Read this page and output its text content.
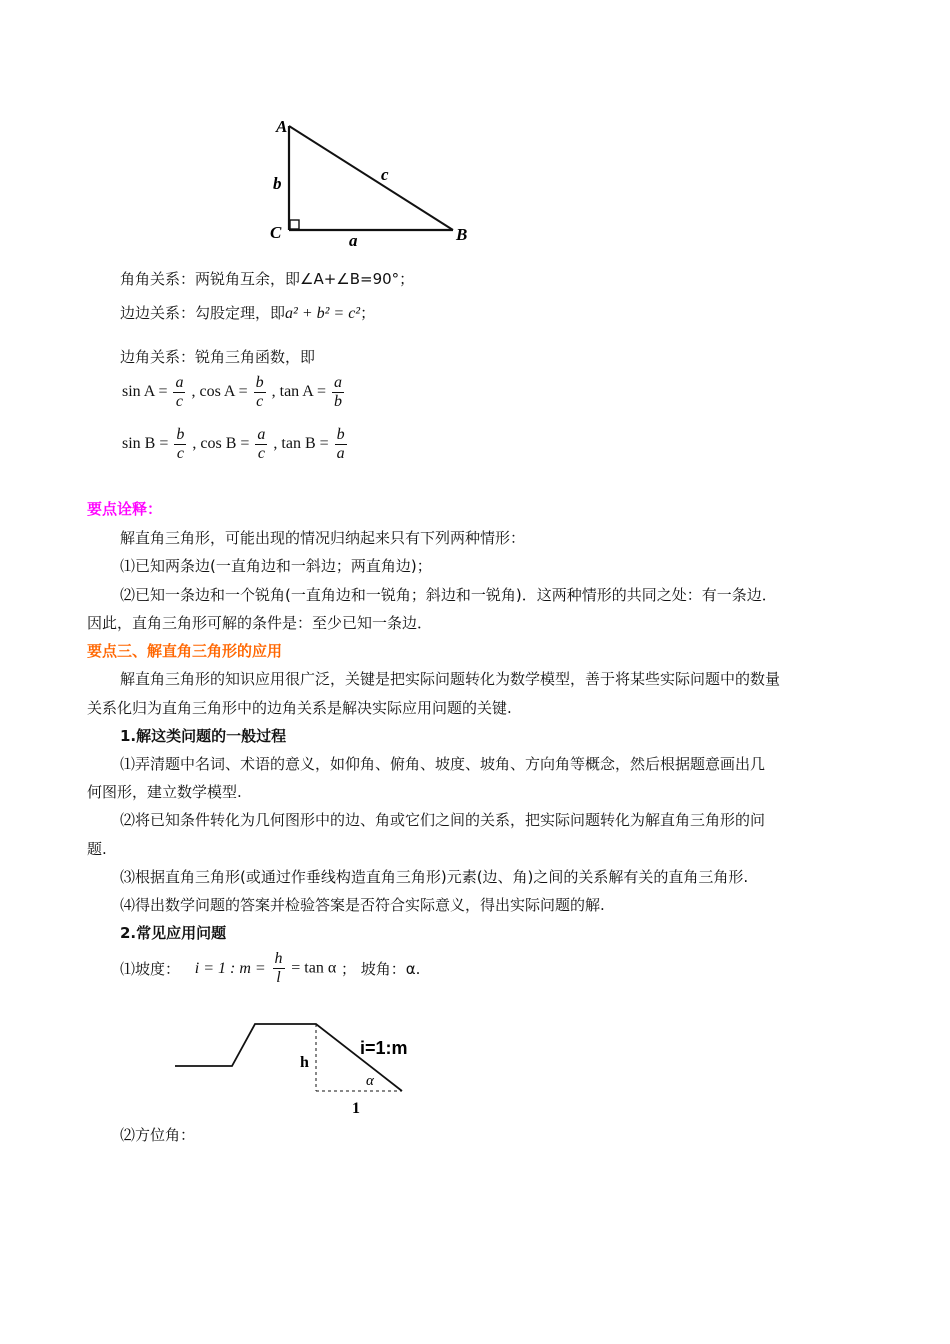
A
C	B
b	c
a
角角关系：两锐角互余，即∠A+∠B=90°；
边边关系：勾股定理，即a² + b² = c²；
边角关系：锐角三角函数，即
$\sin A = \frac{a}{c}$ , $\cos A = \frac{b}{c}$ , $\tan A = \frac{a}{b}$
$\sin B = \frac{b}{c}$ , $\cos B = \frac{a}{c}$ , $\tan B = \frac{b}{a}$
要点诠释：
解直角三角形，可能出现的情况归纳起来只有下列两种情形：
⑴已知两条边(一直角边和一斜边；两直角边)；
⑵已知一条边和一个锐角(一直角边和一锐角；斜边和一锐角)．这两种情形的共同之处：有一条边．
因此，直角三角形可解的条件是：至少已知一条边．
要点三、解直角三角形的应用
解直角三角形的知识应用很广泛，关键是把实际问题转化为数学模型，善于将某些实际问题中的数量
关系化归为直角三角形中的边角关系是解决实际应用问题的关键.
1.解这类问题的一般过程
⑴弄清题中名词、术语的意义，如仰角、俯角、坡度、坡角、方向角等概念，然后根据题意画出几
何图形，建立数学模型.
⑵将已知条件转化为几何图形中的边、角或它们之间的关系，把实际问题转化为解直角三角形的问
题.
⑶根据直角三角形(或通过作垂线构造直角三角形)元素(边、角)之间的关系解有关的直角三角形.
⑷得出数学问题的答案并检验答案是否符合实际意义，得出实际问题的解.
2.常见应用问题
⑴坡度： i = 1 : $m = \frac{h}{l} = \tan \alpha$ ； 坡角：α.
h
i=1:m
α
1
⑵方位角：
